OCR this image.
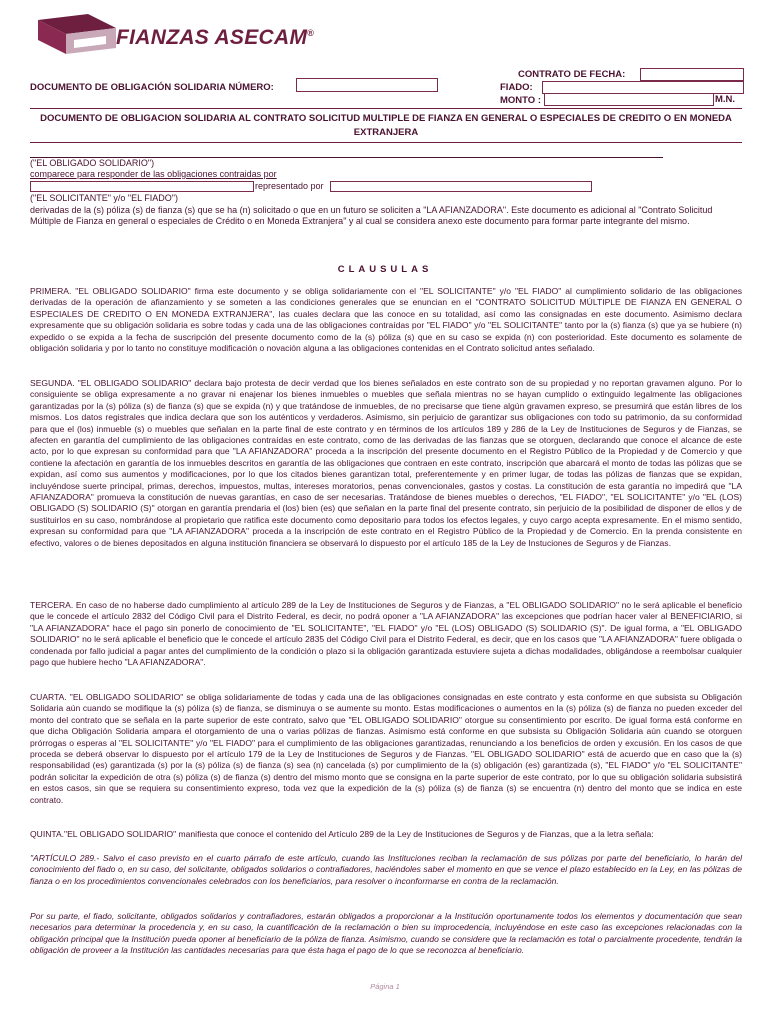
FIANZAS ASECAM®
DOCUMENTO DE OBLIGACIÓN SOLIDARIA NÚMERO:
CONTRATO DE FECHA:
FIADO:
MONTO :	M.N.
DOCUMENTO DE OBLIGACION SOLIDARIA AL CONTRATO SOLICITUD MULTIPLE DE FIANZA EN GENERAL O ESPECIALES DE CREDITO O EN MONEDA EXTRANJERA
("EL OBLIGADO SOLIDARIO")
comparece para responder de las obligaciones contraidas por
representado por
("EL SOLICITANTE" y/o "EL FIADO")
derivadas de la (s) póliza (s) de fianza (s) que se ha (n) solicitado o que en un futuro se soliciten a "LA AFIANZADORA". Este documento es adicional al "Contrato Solicitud Múltiple de Fianza en general o especiales de Crédito o en Moneda Extranjera" y al cual se considera anexo este documento para formar parte integrante del mismo.
CLAUSULAS

PRIMERA. "EL OBLIGADO SOLIDARIO" firma este documento y se obliga solidariamente con el "EL SOLICITANTE" y/o "EL FIADO" al cumplimiento solidario de las obligaciones derivadas de la operación de afianzamiento y se someten a las condiciones generales que se enuncian en el "CONTRATO SOLICITUD MÚLTIPLE DE FIANZA EN GENERAL O ESPECIALES DE CREDITO O EN MONEDA EXTRANJERA", las cuales declara que las conoce en su totalidad, así como las consignadas en este documento. Asimismo declara expresamente que su obligación solidaria es sobre todas y cada una de las obligaciones contraídas por "EL FIADO" y/o "EL SOLICITANTE" tanto por la (s) fianza (s) que ya se hubiere (n) expedido o se expida a la fecha de suscripción del presente documento como de la (s) póliza (s) que en su caso se expida (n) con posterioridad. Este documento es solamente de obligación solidaria y por lo tanto no constituye modificación o novación alguna a las obligaciones contenidas en el Contrato solicitud antes señalado.

SEGUNDA. "EL OBLIGADO SOLIDARIO" declara bajo protesta de decir verdad que los bienes señalados en este contrato son de su propiedad y no reportan gravamen alguno. Por lo consiguiente se obliga expresamente a no gravar ni enajenar los bienes inmuebles o muebles que señala mientras no se hayan cumplido o extinguido legalmente las obligaciones garantizadas por la (s) póliza (s) de fianza (s) que se expida (n) y que tratándose de inmuebles, de no precisarse que tiene algún gravamen expreso, se presumirá que están libres de los mismos. Los datos registrales que indica declara que son los auténticos y verdaderos. Asimismo, sin perjuicio de garantizar sus obligaciones con todo su patrimonio, da su conformidad para que el (los) inmueble (s) o muebles que señalan en la parte final de este contrato y en términos de los artículos 189 y 286 de la Ley de Instituciones de Seguros y de Fianzas, se afecten en garantía del cumplimiento de las obligaciones contraídas en este contrato, como de las derivadas de las fianzas que se otorguen, declarando que conoce el alcance de este acto, por lo que expresan su conformidad para que "LA AFIANZADORA" proceda a la inscripción del presente documento en el Registro Público de la Propiedad y de Comercio y que contiene la afectación en garantía de los inmuebles descritos en garantía de las obligaciones que contraen en este contrato, inscripción que abarcará el monto de todas las pólizas que se expidan, así como sus aumentos y modificaciones, por lo que los citados bienes garantizan total, preferentemente y en primer lugar, de todas las pólizas de fianzas que se expidan, incluyéndose suerte principal, primas, derechos, impuestos, multas, intereses moratorios, penas convencionales, gastos y costas. La constitución de esta garantía no impedirá que "LA AFIANZADORA" promueva la constitución de nuevas garantías, en caso de ser necesarias. Tratándose de bienes muebles o derechos, "EL FIADO", "EL SOLICITANTE" y/o "EL (LOS) OBLIGADO (S) SOLIDARIO (S)" otorgan en garantía prendaria el (los) bien (es) que señalan en la parte final del presente contrato, sin perjuicio de la posibilidad de disponer de ellos y de sustituirlos en su caso, nombrándose al propietario que ratifica este documento como depositario para todos los efectos legales, y cuyo cargo acepta expresamente. En el mismo sentido, expresan su conformidad para que "LA AFIANZADORA" proceda a la inscripción de este contrato en el Registro Público de la Propiedad y de Comercio. En la prenda consistente en efectivo, valores o de bienes depositados en alguna institución financiera se observará lo dispuesto por el artículo 185 de la Ley de Instuciones de Seguros y de Fianzas.

TERCERA. En caso de no haberse dado cumplimiento al artículo 289 de la Ley de Instituciones de Seguros y de Fianzas, a "EL OBLIGADO SOLIDARIO" no le será aplicable el beneficio que le concede el artículo 2832 del Código Civil para el Distrito Federal, es decir, no podrá oponer a "LA AFIANZADORA" las excepciones que podrían hacer valer al BENEFICIARIO, si "LA AFIANZADORA" hace el pago sin ponerlo de conocimiento de "EL SOLICITANTE", "EL FIADO" y/o "EL (LOS) OBLIGADO (S) SOLIDARIO (S)". De igual forma, a "EL OBLIGADO SOLIDARIO" no le será aplicable el beneficio que le concede el artículo 2835 del Código Civil para el Distrito Federal, es decir, que en los casos que "LA AFIANZADORA" fuere obligada o condenada por fallo judicial a pagar antes del cumplimiento de la condición o plazo si la obligación garantizada estuviere sujeta a dichas modalidades, obligándose a reembolsar cualquier pago que hubiere hecho "LA AFIANZADORA".

CUARTA. "EL OBLIGADO SOLIDARIO" se obliga solidariamente de todas y cada una de las obligaciones consignadas en este contrato y esta conforme en que subsista su Obligación Solidaria aún cuando se modifique la (s) póliza (s) de fianza, se disminuya o se aumente su monto. Estas modificaciones o aumentos en la (s) póliza (s) de fianza no pueden exceder del monto del contrato que se señala en la parte superior de este contrato, salvo que "EL OBLIGADO SOLIDARIO" otorgue su consentimiento por escrito. De igual forma está conforme en que dicha Obligación Solidaria ampara el otorgamiento de una o varias pólizas de fianzas. Asimismo está conforme en que subsista su Obligación Solidaria aún cuando se otorguen prórrogas o esperas al "EL SOLICITANTE" y/o "EL FIADO" para el cumplimiento de las obligaciones garantizadas, renunciando a los beneficios de orden y excusión. En los casos de que proceda se deberá observar lo dispuesto por el artículo 179 de la Ley de Instituciones de Seguros y de Fianzas. "EL OBLIGADO SOLIDARIO" está de acuerdo que en caso que la (s) responsabilidad (es) garantizada (s) por la (s) póliza (s) de fianza (s) sea (n) cancelada (s) por cumplimiento de la (s) obligación (es) garantizada (s), "EL FIADO" y/o "EL SOLICITANTE" podrán solicitar la expedición de otra (s) póliza (s) de fianza (s) dentro del mismo monto que se consigna en la parte superior de este contrato, por lo que su obligación solidaria subsistirá en estos casos, sin que se requiera su consentimiento expreso, toda vez que la expedición de la (s) póliza (s) de fianza (s) se encuentra (n) dentro del monto que se indica en este contrato.

QUINTA."EL OBLIGADO SOLIDARIO" manifiesta que conoce el contenido del Artículo 289 de la Ley de Instituciones de Seguros y de Fianzas, que a la letra señala:

"ARTÍCULO 289.- Salvo el caso previsto en el cuarto párrafo de este artículo, cuando las Instituciones reciban la reclamación de sus pólizas por parte del beneficiario, lo harán del conocimiento del fiado o, en su caso, del solicitante, obligados solidarios o contrafiadores, haciéndoles saber el momento en que se vence el plazo establecido en la Ley, en las pólizas de fianza o en los procedimientos convencionales celebrados con los beneficiarios, para resolver o inconformarse en contra de la reclamación.

Por su parte, el fiado, solicitante, obligados solidarios y contrafiadores, estarán obligados a proporcionar a la Institución oportunamente todos los elementos y documentación que sean necesarios para determinar la procedencia y, en su caso, la cuantificación de la reclamación o bien su improcedencia, incluyéndose en este caso las excepciones relacionadas con la obligación principal que la Institución pueda oponer al beneficiario de la póliza de fianza. Asimismo, cuando se considere que la reclamación es total o parcialmente procedente, tendrán la obligación de proveer a la Institución las cantidades necesarias para que ésta haga el pago de lo que se reconozca al beneficiario.

Página 1
